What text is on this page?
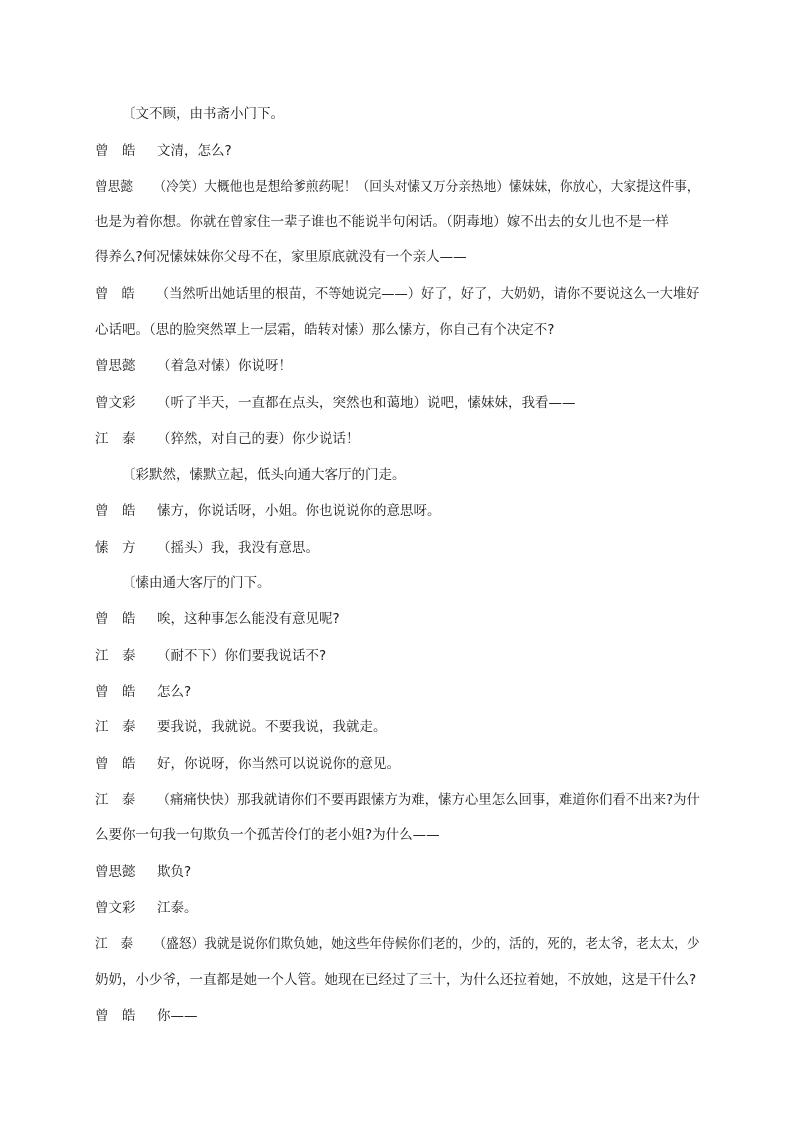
〔文不顾，由书斋小门下。
曾　皓 文清，怎么?
曾思懿 （冷笑）大概他也是想给爹煎药呢！（回头对愫又万分亲热地）愫妹妹，你放心，大家提这件事，
也是为着你想。你就在曾家住一辈子谁也不能说半句闲话。（阴毒地）嫁不出去的女儿也不是一样
得养么?何况愫妹妹你父母不在，家里原底就没有一个亲人——
曾　皓 （当然听出她话里的根苗，不等她说完——）好了，好了，大奶奶，请你不要说这么一大堆好
心话吧。（思的脸突然罩上一层霜，皓转对愫）那么愫方，你自己有个决定不?
曾思懿 （着急对愫）你说呀！
曾文彩 （听了半天，一直都在点头，突然也和蔼地）说吧，愫妹妹，我看——
江　泰 （猝然，对自己的妻）你少说话！
〔彩默然，愫默立起，低头向通大客厅的门走。
曾　皓 愫方，你说话呀，小姐。你也说说你的意思呀。
愫　方 （摇头）我，我没有意思。
〔愫由通大客厅的门下。
曾　皓 唉，这种事怎么能没有意见呢?
江　泰 （耐不下）你们要我说话不?
曾　皓 怎么?
江　泰 要我说，我就说。不要我说，我就走。
曾　皓 好，你说呀，你当然可以说说你的意见。
江　泰 （痛痛快快）那我就请你们不要再跟愫方为难，愫方心里怎么回事，难道你们看不出来?为什
么要你一句我一句欺负一个孤苦伶仃的老小姐?为什么——
曾思懿 欺负?
曾文彩 江泰。
江　泰 （盛怒）我就是说你们欺负她，她这些年侍候你们老的，少的，活的，死的，老太爷，老太太，少
奶奶，小少爷，一直都是她一个人管。她现在已经过了三十，为什么还拉着她，不放她，这是干什么?
曾　皓 你——
